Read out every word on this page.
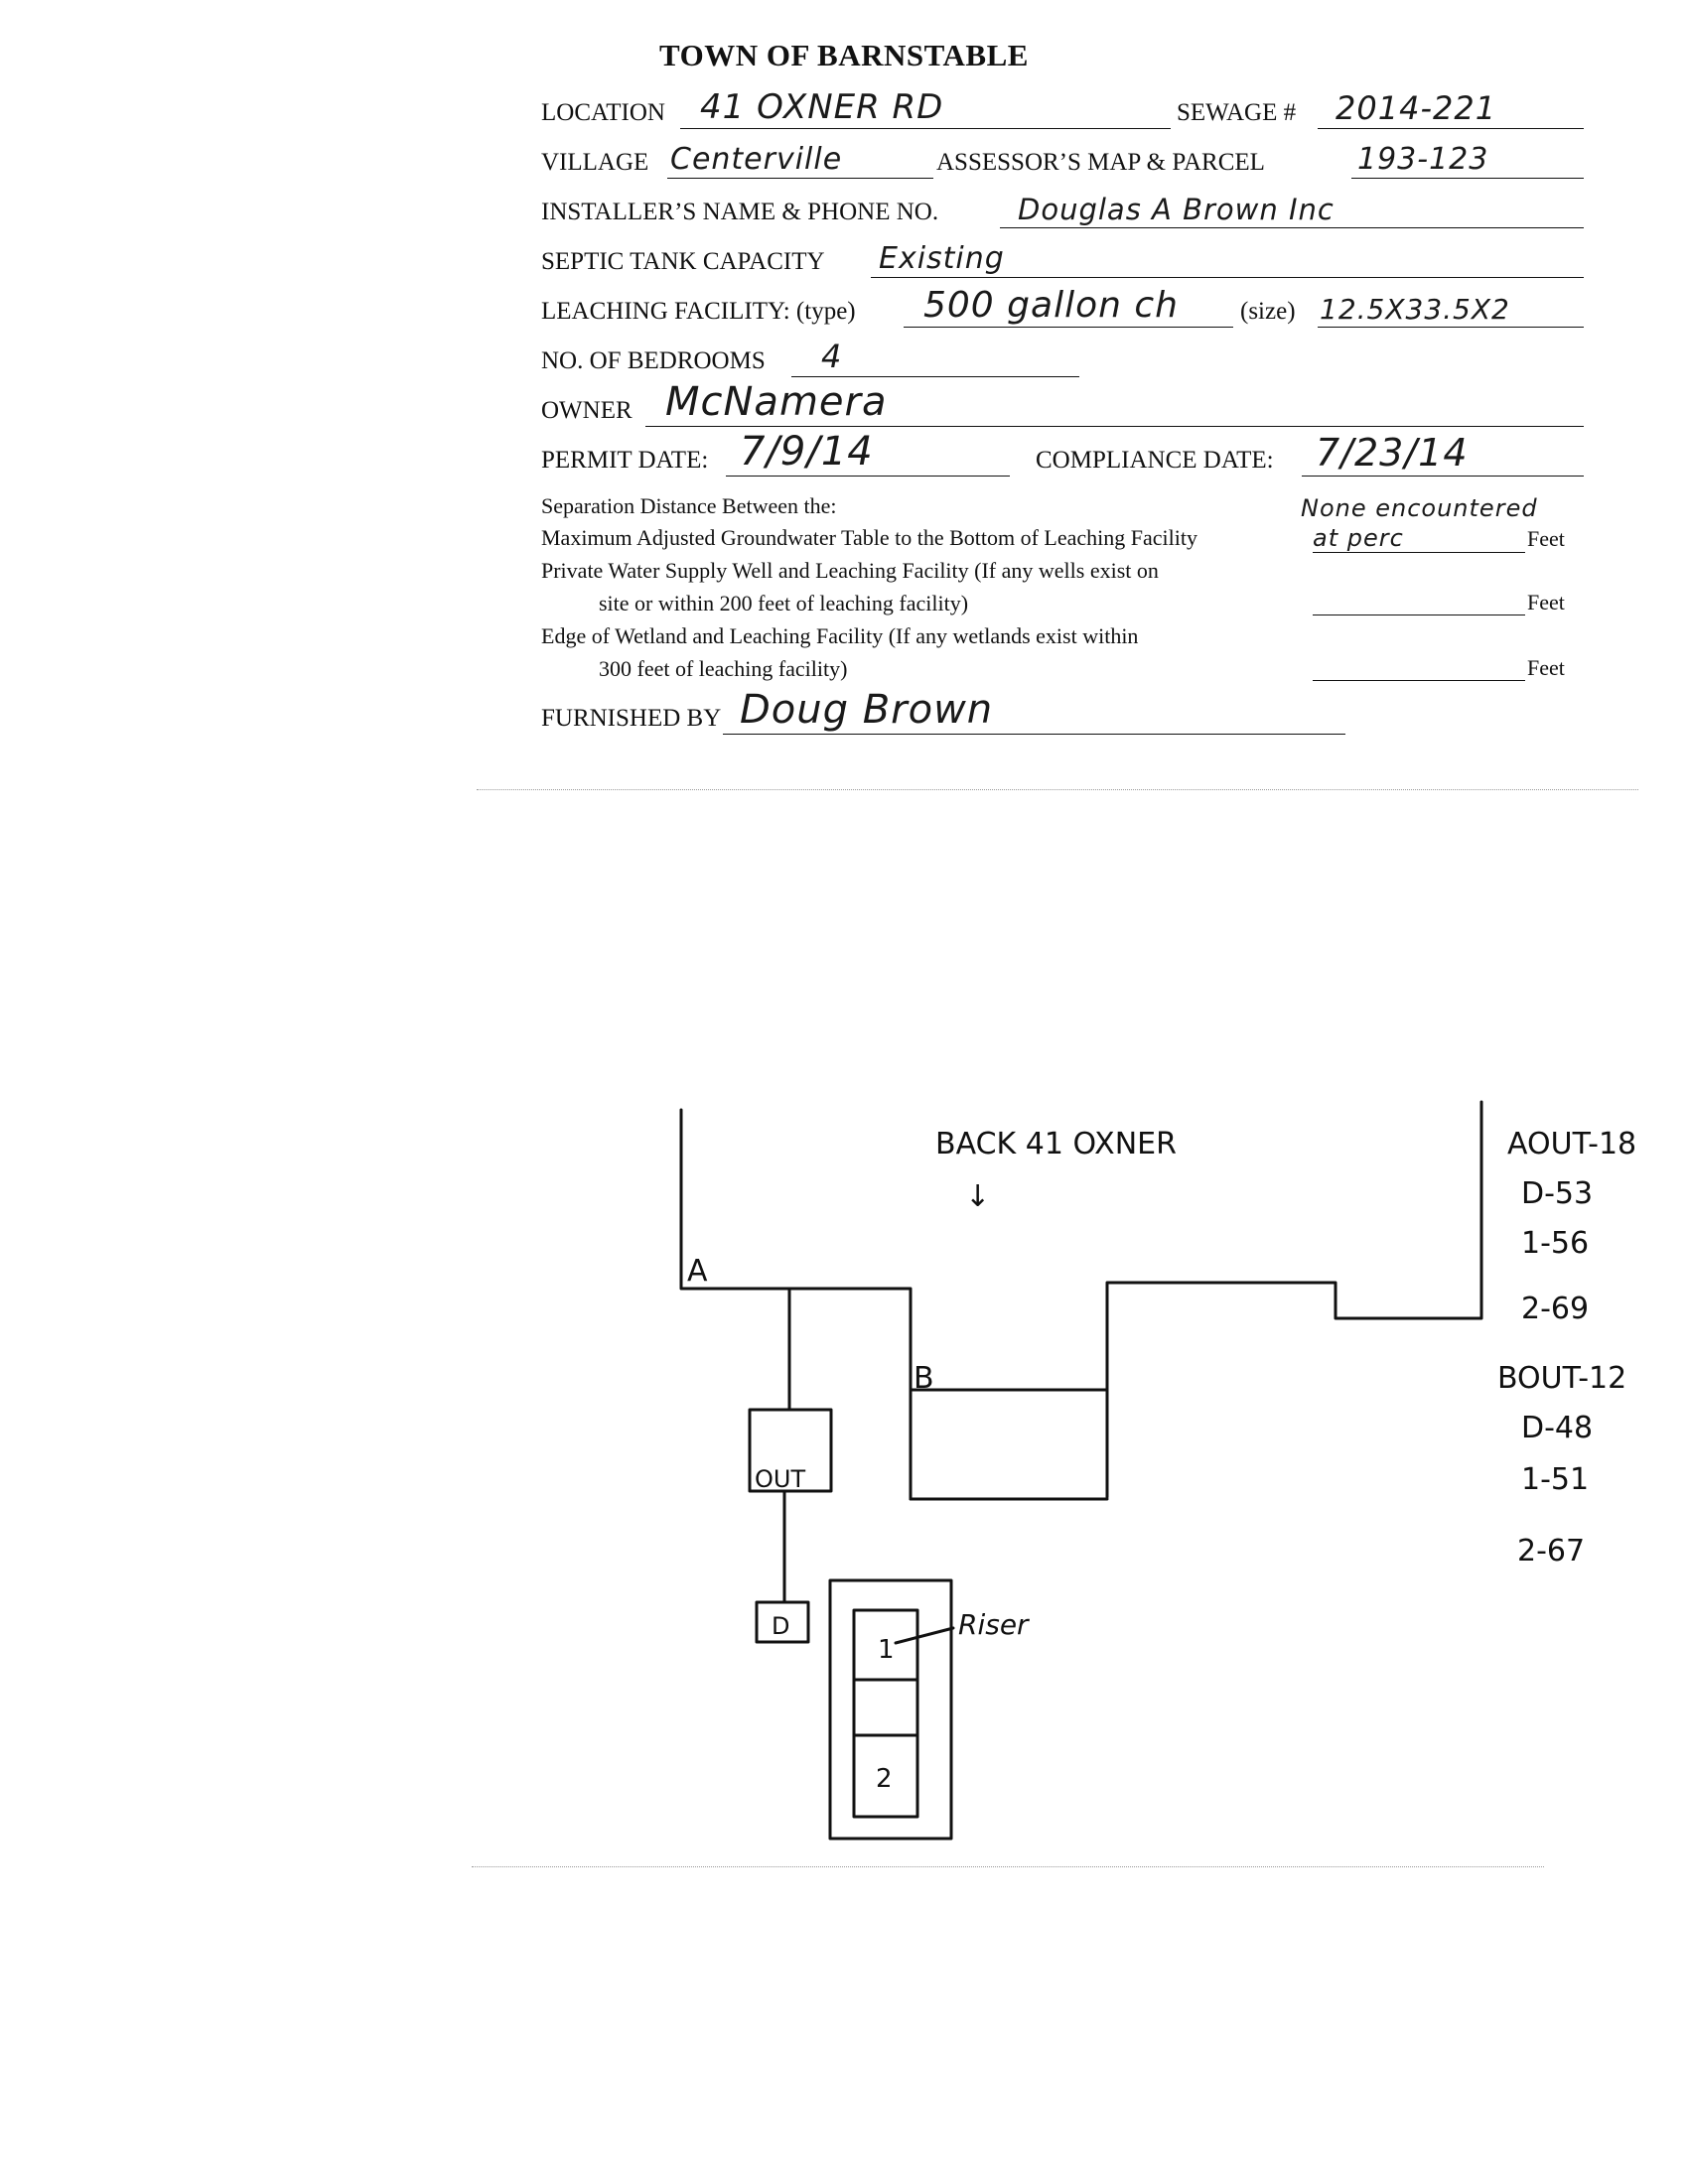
TOWN OF BARNSTABLE
LOCATION 41 OXNER RD	SEWAGE # 2014-221
VILLAGE Centerville	ASSESSOR’S MAP & PARCEL	193-123
INSTALLER’S NAME & PHONE NO.	Douglas A Brown Inc
SEPTIC TANK CAPACITY Existing
LEACHING FACILITY: (type) 500 gallon ch (size) 12.5X33.5X2
NO. OF BEDROOMS 4
OWNER McNamera
PERMIT DATE: 7/9/14	COMPLIANCE DATE: 7/23/14
Separation Distance Between the:
Maximum Adjusted Groundwater Table to the Bottom of Leaching Facility
None encountered
at perc	Feet
Private Water Supply Well and Leaching Facility (If any wells exist on
site or within 200 feet of leaching facility)	Feet
Edge of Wetland and Leaching Facility (If any wetlands exist within
300 feet of leaching facility)	Feet
FURNISHED BY Doug Brown
BACK 41 OXNER
↓
A
B
OUT
D
1
2
Riser
AOUT-18
D-53
1-56
2-69
BOUT-12
D-48
1-51
2-67
